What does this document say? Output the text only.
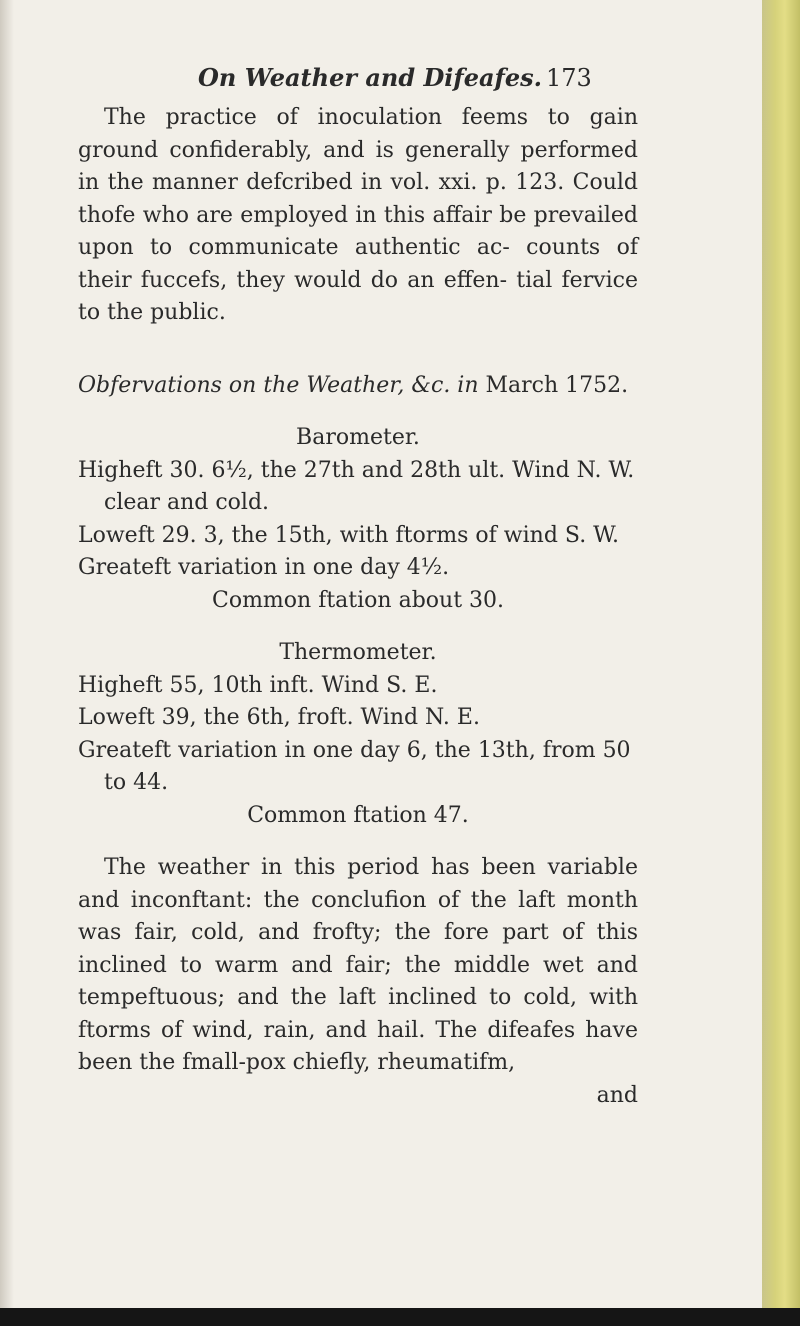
On Weather and Difeafes. 173

The practice of inoculation feems to gain ground confiderably, and is generally performed in the manner defcribed in vol. xxi. p. 123. Could thofe who are employed in this affair be prevailed upon to communicate authentic ac- counts of their fuccefs, they would do an effen- tial fervice to the public.

Obfervations on the Weather, &c. in March 1752.

Barometer.

Higheft 30. 6½, the 27th and 28th ult. Wind N. W. clear and cold.

Loweft 29. 3, the 15th, with ftorms of wind S. W.

Greateft variation in one day 4½.

Common ftation about 30.

Thermometer.

Higheft 55, 10th inft. Wind S. E.

Loweft 39, the 6th, froft. Wind N. E.

Greateft variation in one day 6, the 13th, from 50 to 44.

Common ftation 47.

The weather in this period has been variable and inconftant: the conclufion of the laft month was fair, cold, and frofty; the fore part of this inclined to warm and fair; the middle wet and tempeftuous; and the laft inclined to cold, with ftorms of wind, rain, and hail. The difeafes have been the fmall-pox chiefly, rheumatifm,

and
